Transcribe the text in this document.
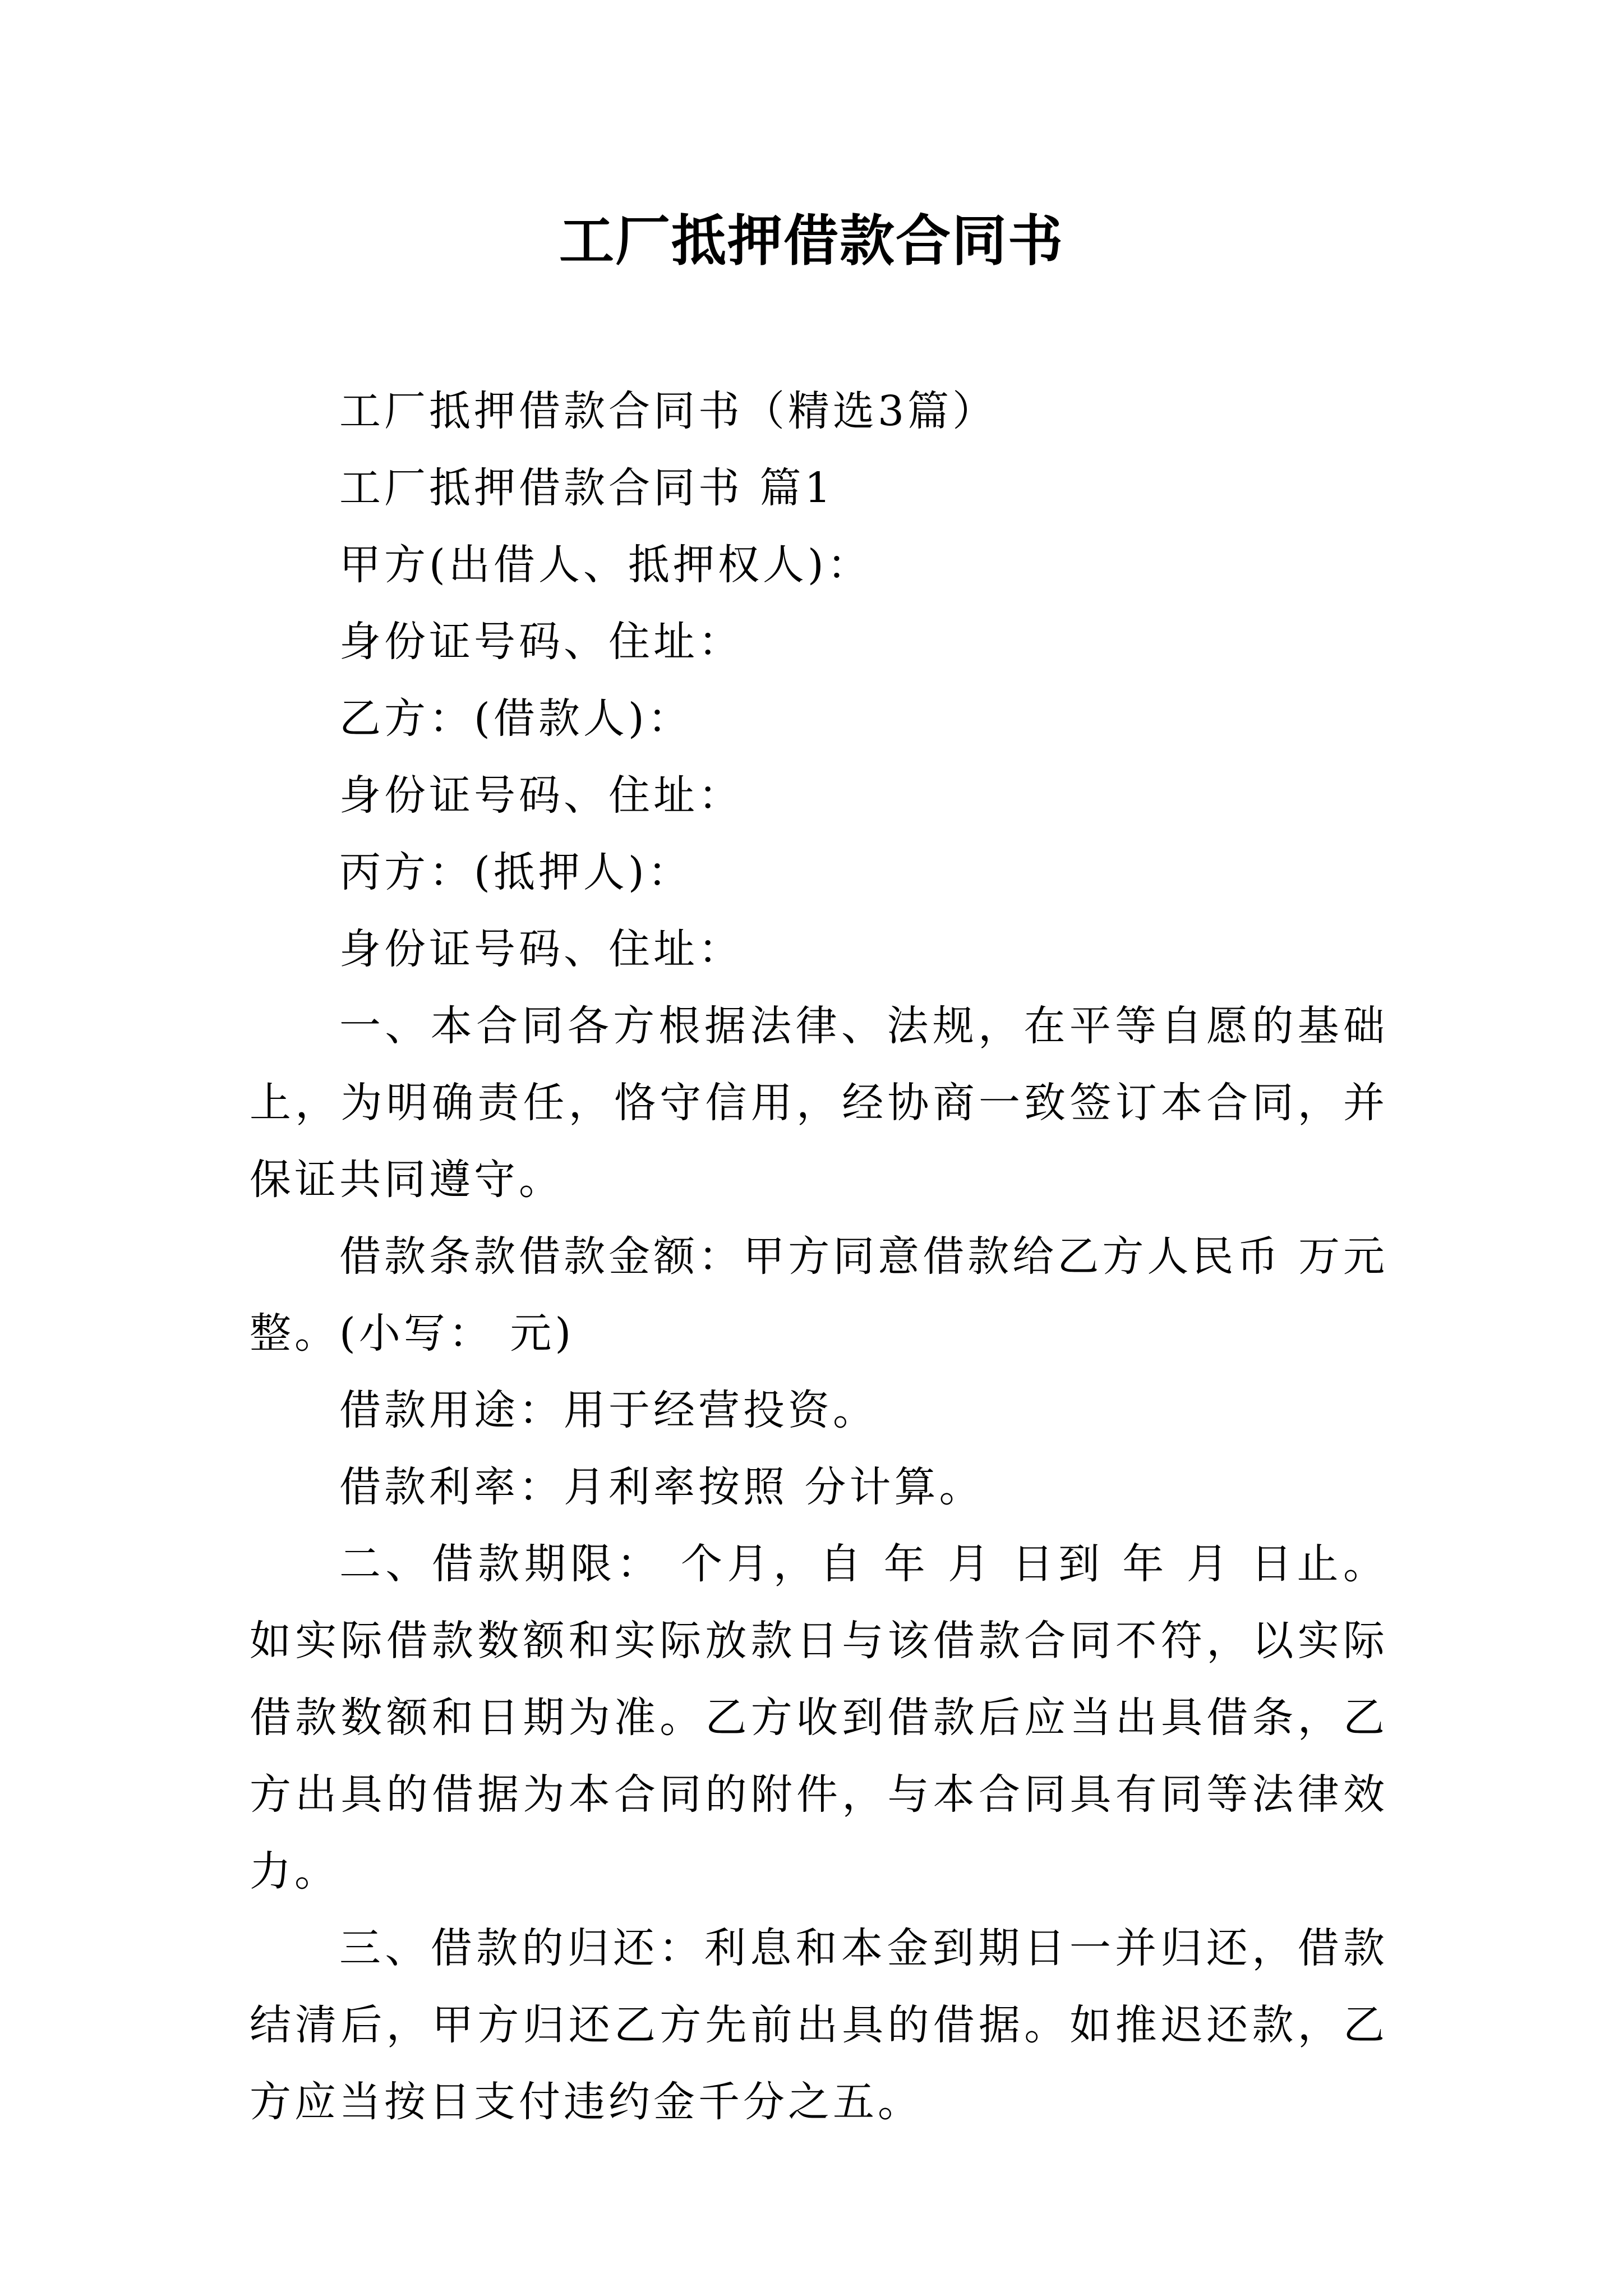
工厂抵押借款合同书

工厂抵押借款合同书（精选3篇）

工厂抵押借款合同书 篇1

甲方(出借人、抵押权人)：

身份证号码、住址：

乙方：(借款人)：

身份证号码、住址：

丙方：(抵押人)：

身份证号码、住址：

一、本合同各方根据法律、法规，在平等自愿的基础上，为明确责任，恪守信用，经协商一致签订本合同，并保证共同遵守。

借款条款借款金额：甲方同意借款给乙方人民币 万元整。(小写： 元)

借款用途：用于经营投资。

借款利率：月利率按照 分计算。

二、借款期限： 个月，自 年 月 日到 年 月 日止。如实际借款数额和实际放款日与该借款合同不符，以实际借款数额和日期为准。乙方收到借款后应当出具借条，乙方出具的借据为本合同的附件，与本合同具有同等法律效力。

三、借款的归还：利息和本金到期日一并归还，借款结清后，甲方归还乙方先前出具的借据。如推迟还款，乙方应当按日支付违约金千分之五。
